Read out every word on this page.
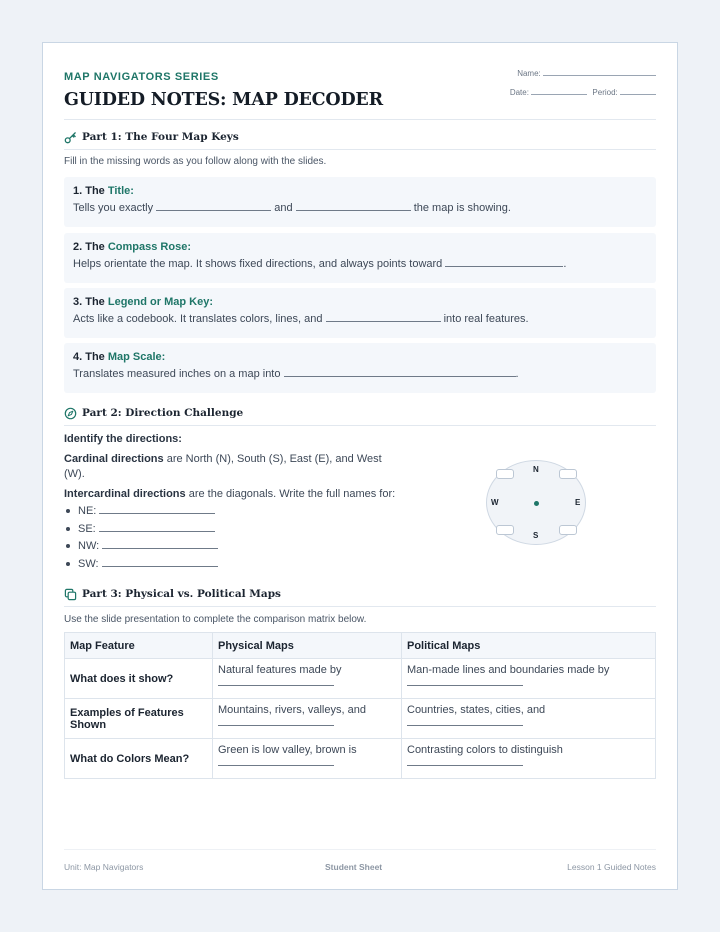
MAP NAVIGATORS SERIES
GUIDED NOTES: MAP DECODER
Name:
Date:	Period:
Part 1: The Four Map Keys
Fill in the missing words as you follow along with the slides.
1. The Title:
Tells you exactly	and	the map is showing.
2. The Compass Rose:
Helps orientate the map. It shows fixed directions, and always points toward	.
3. The Legend or Map Key:
Acts like a codebook. It translates colors, lines, and	into real features.
4. The Map Scale:
Translates measured inches on a map into	.
Part 2: Direction Challenge
Identify the directions:
Cardinal directions are North (N), South (S), East (E), and West (W).
Intercardinal directions are the diagonals. Write the full names for:
NE:
SE:
NW:
SW:
N
S
E
W
Part 3: Physical vs. Political Maps
Use the slide presentation to complete the comparison matrix below.
Map Feature	Physical Maps	Political Maps
What does it show?	Natural features made by	Man-made lines and boundaries made by

Examples of Features Shown	Mountains, rivers, valleys, and	Countries, states, cities, and

What do Colors Mean?	Green is low valley, brown is	Contrasting colors to distinguish
Unit: Map Navigators	Student Sheet	Lesson 1 Guided Notes
